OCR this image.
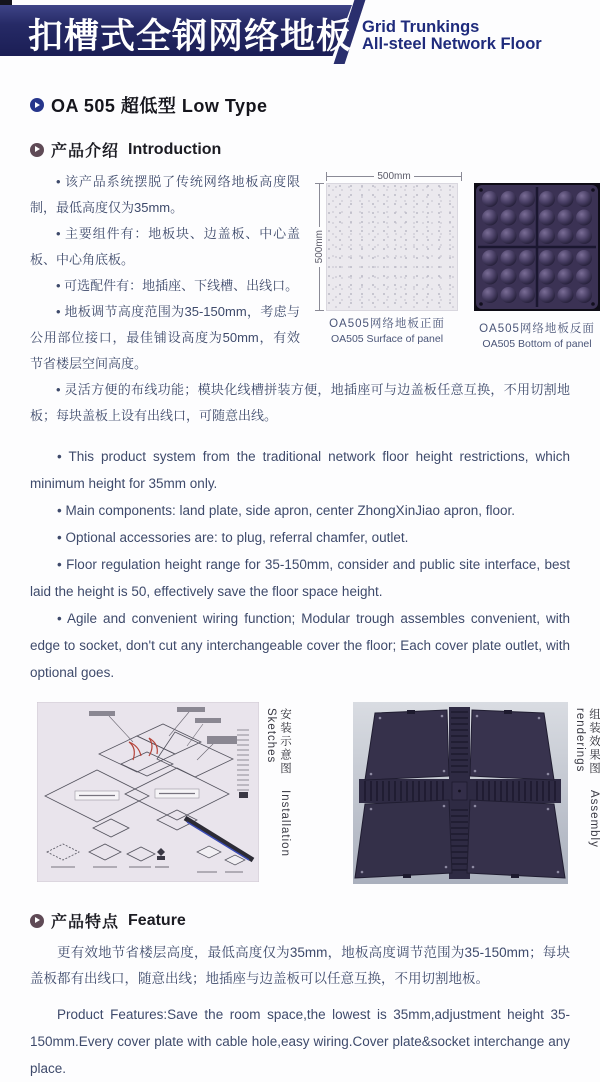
扣槽式全钢网络地板 Grid Trunkings
All-steel Network Floor
OA 505 超低型 Low Type
产品介绍 Introduction

• 该产品系统摆脱了传统网络地板高度限制，最低高度仅为35mm。

• 主要组件有：地板块、边盖板、中心盖板、中心角底板。

• 可选配件有：地插座、下线槽、出线口。

• 地板调节高度范围为35-150mm，考虑与公用部位接口，最佳铺设高度为50mm，有效节省楼层空间高度。

500mm
500mm
OA505网络地板正面
OA505 Surface of panel
OA505网络地板反面
OA505 Bottom of panel

• 灵活方便的布线功能；模块化线槽拼装方便，地插座可与边盖板任意互换，不用切割地板；每块盖板上设有出线口，可随意出线。

• This product system from the traditional network floor height restrictions, which minimum height for 35mm only.

• Main components: land plate, side apron, center ZhongXinJiao apron, floor.

• Optional accessories are: to plug, referral chamfer, outlet.

• Floor regulation height range for 35-150mm, consider and public site interface, best laid the height is 50, effectively save the floor space height.

• Agile and convenient wiring function; Modular trough assembles convenient, with edge to socket, don't cut any interchangeable cover the floor; Each cover plate outlet, with optional goes.

安装示意图 Installation Sketches	组装效果图 Assembly renderings
产品特点 Feature

更有效地节省楼层高度，最低高度仅为35mm，地板高度调节范围为35-150mm；每块盖板都有出线口，随意出线；地插座与边盖板可以任意互换，不用切割地板。

Product Features:Save the room space,the lowest is 35mm,adjustment height 35-150mm.Every cover plate with cable hole,easy wiring.Cover plate&socket interchange any place.
